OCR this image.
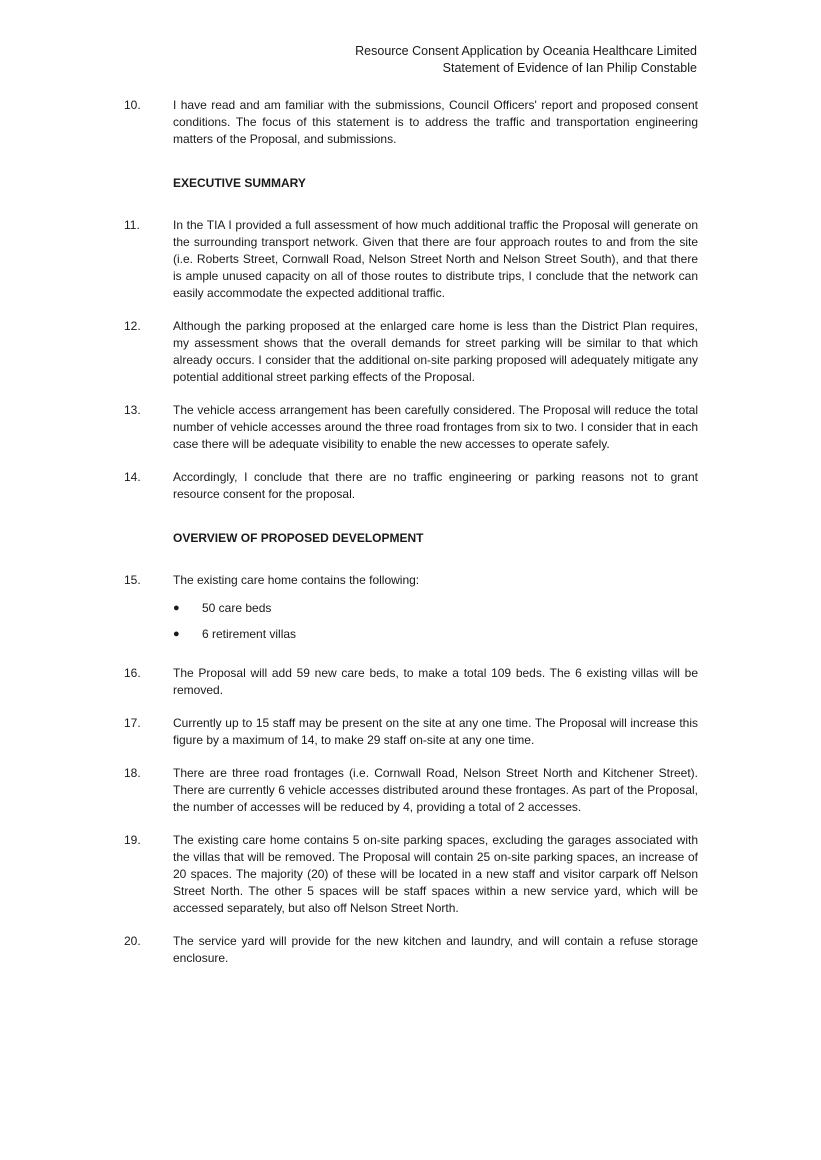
Resource Consent Application by Oceania Healthcare Limited
Statement of Evidence of Ian Philip Constable
10.	I have read and am familiar with the submissions, Council Officers' report and proposed consent conditions. The focus of this statement is to address the traffic and transportation engineering matters of the Proposal, and submissions.
EXECUTIVE SUMMARY
11.	In the TIA I provided a full assessment of how much additional traffic the Proposal will generate on the surrounding transport network. Given that there are four approach routes to and from the site (i.e. Roberts Street, Cornwall Road, Nelson Street North and Nelson Street South), and that there is ample unused capacity on all of those routes to distribute trips, I conclude that the network can easily accommodate the expected additional traffic.
12.	Although the parking proposed at the enlarged care home is less than the District Plan requires, my assessment shows that the overall demands for street parking will be similar to that which already occurs. I consider that the additional on-site parking proposed will adequately mitigate any potential additional street parking effects of the Proposal.
13.	The vehicle access arrangement has been carefully considered. The Proposal will reduce the total number of vehicle accesses around the three road frontages from six to two. I consider that in each case there will be adequate visibility to enable the new accesses to operate safely.
14.	Accordingly, I conclude that there are no traffic engineering or parking reasons not to grant resource consent for the proposal.
OVERVIEW OF PROPOSED DEVELOPMENT
15.	The existing care home contains the following:
●	50 care beds
●	6 retirement villas
16.	The Proposal will add 59 new care beds, to make a total 109 beds. The 6 existing villas will be removed.
17.	Currently up to 15 staff may be present on the site at any one time. The Proposal will increase this figure by a maximum of 14, to make 29 staff on-site at any one time.
18.	There are three road frontages (i.e. Cornwall Road, Nelson Street North and Kitchener Street). There are currently 6 vehicle accesses distributed around these frontages. As part of the Proposal, the number of accesses will be reduced by 4, providing a total of 2 accesses.
19.	The existing care home contains 5 on-site parking spaces, excluding the garages associated with the villas that will be removed. The Proposal will contain 25 on-site parking spaces, an increase of 20 spaces. The majority (20) of these will be located in a new staff and visitor carpark off Nelson Street North. The other 5 spaces will be staff spaces within a new service yard, which will be accessed separately, but also off Nelson Street North.
20.	The service yard will provide for the new kitchen and laundry, and will contain a refuse storage enclosure.
